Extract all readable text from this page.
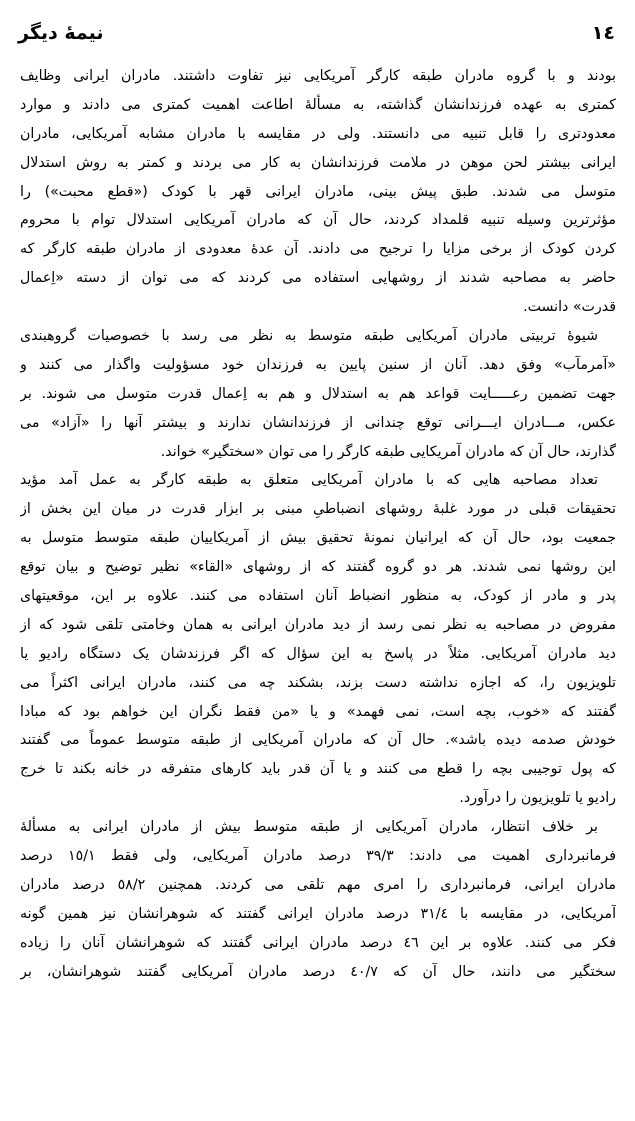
نیمهٔ دیگر	١٤
بودند و با گروه مادران طبقه کارگر آمریکایی نیز تفاوت داشتند. مادران ایرانی وظایف
کمتری به عهده فرزندانشان گذاشته، به مسألهٔ اطاعت اهمیت کمتری می دادند و موارد
معدودتری را قابل تنبیه می دانستند. ولی در مقایسه با مادران مشابه آمریکایی، مادران
ایرانی بیشتر لحن موهن در ملامت فرزندانشان به کار می بردند و کمتر به روش استدلال
متوسل می شدند. طبق پیش بینی، مادران ایرانی قهر با کودک («قطع محبت») را
مؤثرترین وسیله تنبیه قلمداد کردند، حال آن که مادران آمریکایی استدلال توام با محروم
کردن کودک از برخی مزایا را ترجیح می دادند. آن عدهٔ معدودی از مادران طبقه کارگر که
حاضر به مصاحبه شدند از روشهایی استفاده می کردند که می توان از دسته «اِعمال
قدرت» دانست.
شیوهٔ تربیتی مادران آمریکایی طبقه متوسط به نظر می رسد با خصوصیات گروهبندی
«آمرمآب» وفق دهد. آنان از سنین پایین به فرزندان خود مسؤولیت واگذار می کنند و
جهت تضمین رعـــــایت قواعد هم به استدلال و هم به اِعمال قدرت متوسل می شوند. بر
عکس، مـــادران ایـــرانی توقع چندانی از فرزندانشان ندارند و بیشتر آنها را «آزاد» می
گذارند، حال آن که مادران آمریکایی طبقه کارگر را می توان «سختگیر» خواند.
تعداد مصاحبه هایی که با مادران آمریکایی متعلق به طبقه کارگر به عمل آمد مؤید
تحقیقات قبلی در مورد غلبهٔ روشهای انضباطیِ مبنی بر ابزار قدرت در میان این بخش از
جمعیت بود، حال آن که ایرانیان نمونهٔ تحقیق بیش از آمریکاییان طبقه متوسط متوسل به
این روشها نمی شدند. هر دو گروه گفتند که از روشهای «القاء» نظیر توضیح و بیان توقع
پدر و مادر از کودک، به منظور انضباط آنان استفاده می کنند. علاوه بر این، موقعیتهای
مفروض در مصاحبه به نظر نمی رسد از دید مادران ایرانی به همان وخامتی تلقی شود که از
دید مادران آمریکایی. مثلاً در پاسخ به این سؤال که اگر فرزندشان یک دستگاه رادیو یا
تلویزیون را، که اجازه نداشته دست بزند، بشکند چه می کنند، مادران ایرانی اکثراً می
گفتند که «خوب، بچه است، نمی فهمد» و یا «من فقط نگران این خواهم بود که مبادا
خودش صدمه دیده باشد». حال آن که مادران آمریکایی از طبقه متوسط عموماً می گفتند
که پول توجیبی بچه را قطع می کنند و یا آن قدر باید کارهای متفرقه در خانه بکند تا خرج
رادیو یا تلویزیون را درآورد.
بر خلاف انتظار، مادران آمریکایی از طبقه متوسط بیش از مادران ایرانی به مسألهٔ
فرمانبرداری اهمیت می دادند: ٣٩/٣ درصد مادران آمریکایی، ولی فقط ١٥/١ درصد
مادران ایرانی، فرمانبرداری را امری مهم تلقی می کردند. همچنین ٥٨/٢ درصد مادران
آمریکایی، در مقایسه با ٣١/٤ درصد مادران ایرانی گفتند که شوهرانشان نیز همین گونه
فکر می کنند. علاوه بر این ٤٦ درصد مادران ایرانی گفتند که شوهرانشان آنان را زیاده
سختگیر می دانند، حال آن که ٤٠/٧ درصد مادران آمریکایی گفتند شوهرانشان، بر
